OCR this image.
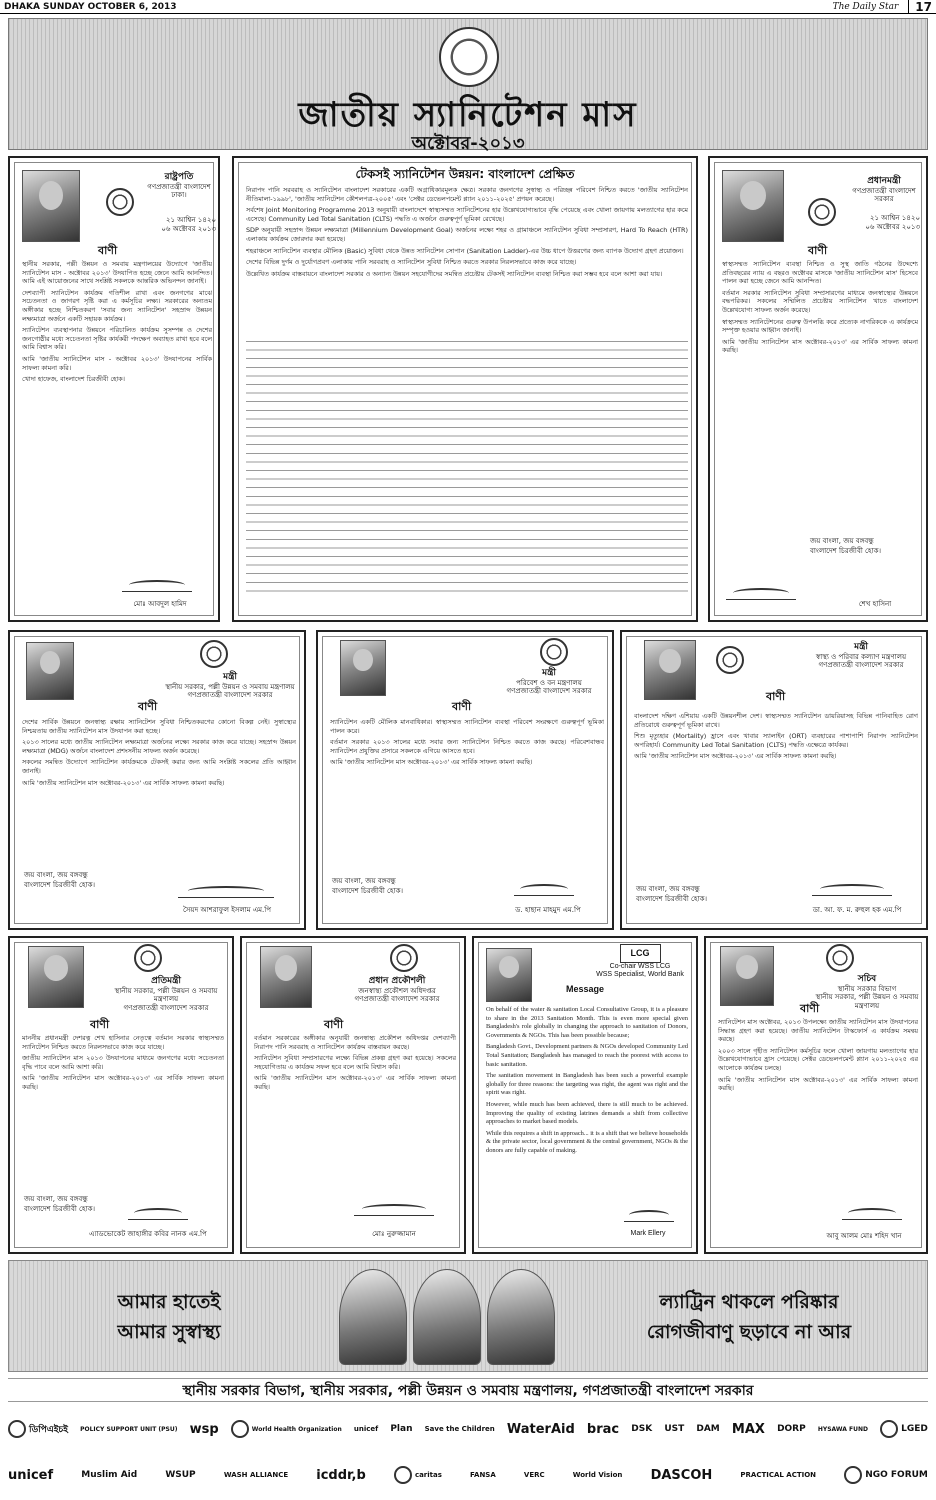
DHAKA SUNDAY OCTOBER 6, 2013	The Daily Star	17
জাতীয় স্যানিটেশন মাস
অক্টোবর-২০১৩
রাষ্ট্রপতি
গণপ্রজাতন্ত্রী বাংলাদেশ
ঢাকা।
২১ আশ্বিন ১৪২০
০৬ অক্টোবর ২০১৩
বাণী

স্থানীয় সরকার, পল্লী উন্নয়ন ও সমবায় মন্ত্রণালয়ের উদ্যোগে 'জাতীয় স্যানিটেশন মাস - অক্টোবর ২০১৩' উদযাপিত হচ্ছে জেনে আমি আনন্দিত। আমি এই আয়োজনের সাথে সংশ্লিষ্ট সকলকে আন্তরিক অভিনন্দন জানাই।

দেশব্যাপী স্যানিটেশন কার্যক্রম গতিশীল রাখা এবং জনগণের মাঝে সচেতনতা ও জাগরণ সৃষ্টি করা এ কর্মসূচির লক্ষ্য। সরকারের অন্যতম অঙ্গীকার হচ্ছে নিশ্চিতকরণ 'সবার জন্য স্যানিটেশন' সহস্রাব্দ উন্নয়ন লক্ষ্যমাত্রা অর্জনে একটি সহায়ক কার্যক্রম।

স্যানিটেশন ব্যবস্থাপনার উন্নয়নে পরিচালিত কার্যক্রম সুসম্পন্ন ও দেশের জনগোষ্ঠীর মধ্যে সচেতনতা সৃষ্টির কার্যকরী পদক্ষেপ অব্যাহত রাখা হবে বলে আমি বিশ্বাস করি।

আমি 'জাতীয় স্যানিটেশন মাস - অক্টোবর ২০১৩' উদযাপনের সার্বিক সাফল্য কামনা করি।

খোদা হাফেজ, বাংলাদেশ চিরজীবী হোক।

মোঃ আবদুল হামিদ
টেকসই স্যানিটেশন উন্নয়ন: বাংলাদেশ প্রেক্ষিত

নিরাপদ পানি সরবরাহ ও স্যানিটেশন বাংলাদেশ সরকারের একটি অগ্রাধিকারমূলক ক্ষেত্র। সরকার জনগণের সুস্বাস্থ্য ও পরিচ্ছন্ন পরিবেশ নিশ্চিত করতে 'জাতীয় স্যানিটেশন নীতিমালা-১৯৯৮', 'জাতীয় স্যানিটেশন কৌশলপত্র-২০০৫' এবং 'সেক্টর ডেভেলপমেন্ট প্ল্যান ২০১১-২০২৫' প্রণয়ন করেছে।

সর্বশেষ Joint Monitoring Programme 2013 অনুযায়ী বাংলাদেশে স্বাস্থ্যসম্মত স্যানিটেশনের হার উল্লেখযোগ্যভাবে বৃদ্ধি পেয়েছে এবং খোলা জায়গায় মলত্যাগের হার কমে এসেছে। Community Led Total Sanitation (CLTS) পদ্ধতি এ অর্জনে গুরুত্বপূর্ণ ভূমিকা রেখেছে।

SDP অনুযায়ী সহস্রাব্দ উন্নয়ন লক্ষ্যমাত্রা (Millennium Development Goal) অর্জনের লক্ষ্যে শহর ও গ্রামাঞ্চলে স্যানিটেশন সুবিধা সম্প্রসারণ, Hard To Reach (HTR) এলাকায় কার্যক্রম জোরদার করা হয়েছে।

শহরাঞ্চলে স্যানিটেশন ব্যবস্থার মৌলিক (Basic) সুবিধা থেকে উন্নত স্যানিটেশন সোপান (Sanitation Ladder)-এর উচ্চ ধাপে উত্তরণের জন্য ব্যাপক উদ্যোগ গ্রহণ প্রয়োজন।

দেশের বিভিন্ন দুর্গম ও দুর্যোগপ্রবণ এলাকায় পানি সরবরাহ ও স্যানিটেশন সুবিধা নিশ্চিত করতে সরকার নিরলসভাবে কাজ করে যাচ্ছে।

উল্লেখিত কার্যক্রম বাস্তবায়নে বাংলাদেশ সরকার ও অন্যান্য উন্নয়ন সহযোগীদের সমন্বিত প্রচেষ্টায় টেকসই স্যানিটেশন ব্যবস্থা নিশ্চিত করা সম্ভব হবে বলে আশা করা যায়।

প্রধানমন্ত্রী
গণপ্রজাতন্ত্রী বাংলাদেশ সরকার
২১ আশ্বিন ১৪২০
০৬ অক্টোবর ২০১৩
বাণী

স্বাস্থ্যসম্মত স্যানিটেশন ব্যবস্থা নিশ্চিত ও সুস্থ জাতি গঠনের উদ্দেশ্যে প্রতিবছরের ন্যায় এ বছরও অক্টোবর মাসকে 'জাতীয় স্যানিটেশন মাস' হিসেবে পালন করা হচ্ছে জেনে আমি আনন্দিত।

বর্তমান সরকার স্যানিটেশন সুবিধা সম্প্রসারণের মাধ্যমে জনস্বাস্থ্যের উন্নয়নে বদ্ধপরিকর। সকলের সম্মিলিত প্রচেষ্টায় স্যানিটেশন খাতে বাংলাদেশ উল্লেখযোগ্য সাফল্য অর্জন করেছে।

স্বাস্থ্যসম্মত স্যানিটেশনের গুরুত্ব উপলব্ধি করে প্রত্যেক নাগরিককে এ কার্যক্রমে সম্পৃক্ত হওয়ার আহ্বান জানাই।

আমি 'জাতীয় স্যানিটেশন মাস অক্টোবর-২০১৩' এর সার্বিক সাফল্য কামনা করছি।

জয় বাংলা, জয় বঙ্গবন্ধু
বাংলাদেশ চিরজীবী হোক।
শেখ হাসিনা
মন্ত্রী
স্থানীয় সরকার, পল্লী উন্নয়ন ও সমবায় মন্ত্রণালয়
গণপ্রজাতন্ত্রী বাংলাদেশ সরকার
বাণী

দেশের সার্বিক উন্নয়নে জনস্বাস্থ্য রক্ষায় স্যানিটেশন সুবিধা নিশ্চিতকরণের কোনো বিকল্প নেই। সুস্বাস্থ্যের নিশ্চয়তায় জাতীয় স্যানিটেশন মাস উদযাপন করা হচ্ছে।

২০১৩ সালের মধ্যে জাতীয় স্যানিটেশন লক্ষ্যমাত্রা অর্জনের লক্ষ্যে সরকার কাজ করে যাচ্ছে। সহস্রাব্দ উন্নয়ন লক্ষ্যমাত্রা (MDG) অর্জনে বাংলাদেশ প্রশংসনীয় সাফল্য অর্জন করেছে।

সকলের সমন্বিত উদ্যোগে স্যানিটেশন কার্যক্রমকে টেকসই করার জন্য আমি সংশ্লিষ্ট সকলের প্রতি আহ্বান জানাই।

আমি 'জাতীয় স্যানিটেশন মাস অক্টোবর-২০১৩' এর সার্বিক সাফল্য কামনা করছি।

জয় বাংলা, জয় বঙ্গবন্ধু
বাংলাদেশ চিরজীবী হোক।
সৈয়দ আশরাফুল ইসলাম এম.পি
মন্ত্রী
পরিবেশ ও বন মন্ত্রণালয়
গণপ্রজাতন্ত্রী বাংলাদেশ সরকার
বাণী

স্যানিটেশন একটি মৌলিক মানবাধিকার। স্বাস্থ্যসম্মত স্যানিটেশন ব্যবস্থা পরিবেশ সংরক্ষণে গুরুত্বপূর্ণ ভূমিকা পালন করে।

বর্তমান সরকার ২০১৩ সালের মধ্যে সবার জন্য স্যানিটেশন নিশ্চিত করতে কাজ করছে। পরিবেশবান্ধব স্যানিটেশন প্রযুক্তির প্রসারে সকলকে এগিয়ে আসতে হবে।

আমি 'জাতীয় স্যানিটেশন মাস অক্টোবর-২০১৩' এর সার্বিক সাফল্য কামনা করছি।

জয় বাংলা, জয় বঙ্গবন্ধু
বাংলাদেশ চিরজীবী হোক।
ড. হাছান মাহমুদ এম.পি
মন্ত্রী
স্বাস্থ্য ও পরিবার কল্যাণ মন্ত্রণালয়
গণপ্রজাতন্ত্রী বাংলাদেশ সরকার
বাণী

বাংলাদেশ দক্ষিণ এশিয়ায় একটি উন্নয়নশীল দেশ। স্বাস্থ্যসম্মত স্যানিটেশন ডায়রিয়াসহ বিভিন্ন পানিবাহিত রোগ প্রতিরোধে গুরুত্বপূর্ণ ভূমিকা রাখে।

শিশু মৃত্যুহার (Mortality) হ্রাসে এবং খাবার স্যালাইন (ORT) ব্যবহারের পাশাপাশি নিরাপদ স্যানিটেশন অপরিহার্য। Community Led Total Sanitation (CLTS) পদ্ধতি এক্ষেত্রে কার্যকর।

আমি 'জাতীয় স্যানিটেশন মাস অক্টোবর-২০১৩' এর সার্বিক সাফল্য কামনা করছি।

জয় বাংলা, জয় বঙ্গবন্ধু
বাংলাদেশ চিরজীবী হোক।
ডা. আ. ফ. ম. রুহুল হক এম.পি
প্রতিমন্ত্রী
স্থানীয় সরকার, পল্লী উন্নয়ন ও সমবায় মন্ত্রণালয়
গণপ্রজাতন্ত্রী বাংলাদেশ সরকার
বাণী

মাননীয় প্রধানমন্ত্রী দেশরত্ন শেখ হাসিনার নেতৃত্বে বর্তমান সরকার স্বাস্থ্যসম্মত স্যানিটেশন নিশ্চিত করতে নিরলসভাবে কাজ করে যাচ্ছে।

জাতীয় স্যানিটেশন মাস ২০১৩ উদযাপনের মাধ্যমে জনগণের মধ্যে সচেতনতা বৃদ্ধি পাবে বলে আমি আশা করি।

আমি 'জাতীয় স্যানিটেশন মাস অক্টোবর-২০১৩' এর সার্বিক সাফল্য কামনা করছি।

জয় বাংলা, জয় বঙ্গবন্ধু
বাংলাদেশ চিরজীবী হোক।
এ্যাডভোকেট জাহাঙ্গীর কবির নানক এম.পি
প্রধান প্রকৌশলী
জনস্বাস্থ্য প্রকৌশল অধিদপ্তর
গণপ্রজাতন্ত্রী বাংলাদেশ সরকার
বাণী

বর্তমান সরকারের অঙ্গীকার অনুযায়ী জনস্বাস্থ্য প্রকৌশল অধিদপ্তর দেশব্যাপী নিরাপদ পানি সরবরাহ ও স্যানিটেশন কার্যক্রম বাস্তবায়ন করছে।

স্যানিটেশন সুবিধা সম্প্রসারণের লক্ষ্যে বিভিন্ন প্রকল্প গ্রহণ করা হয়েছে। সকলের সহযোগিতায় এ কার্যক্রম সফল হবে বলে আমি বিশ্বাস করি।

আমি 'জাতীয় স্যানিটেশন মাস অক্টোবর-২০১৩' এর সার্বিক সাফল্য কামনা করছি।

মোঃ নুরুজ্জামান
LCG
Co-chair WSS LCG
WSS Specialist, World Bank
Message

On behalf of the water & sanitation Local Consultative Group, it is a pleasure to share in the 2013 Sanitation Month. This is even more special given Bangladesh's role globally in changing the approach to sanitation of Donors, Governments & NGOs. This has been possible because;

Bangladesh Govt., Development partners & NGOs developed Community Led Total Sanitation; Bangladesh has managed to reach the poorest with access to basic sanitation.

The sanitation movement in Bangladesh has been such a powerful example globally for three reasons: the targeting was right, the agent was right and the spirit was right.

However, while much has been achieved, there is still much to be achieved. Improving the quality of existing latrines demands a shift from collective approaches to market based models.

While this requires a shift in approach... it is a shift that we believe households & the private sector, local government & the central government, NGOs & the donors are fully capable of making.

Mark Ellery
সচিব
স্থানীয় সরকার বিভাগ
স্থানীয় সরকার, পল্লী উন্নয়ন ও সমবায় মন্ত্রণালয়
বাণী

স্যানিটেশন মাস অক্টোবর, ২০১৩ উপলক্ষ্যে জাতীয় স্যানিটেশন মাস উদযাপনের সিদ্ধান্ত গ্রহণ করা হয়েছে। জাতীয় স্যানিটেশন টাস্কফোর্স এ কার্যক্রম সমন্বয় করছে।

২০০৩ সালে গৃহীত স্যানিটেশন কর্মসূচির ফলে খোলা জায়গায় মলত্যাগের হার উল্লেখযোগ্যভাবে হ্রাস পেয়েছে। সেক্টর ডেভেলপমেন্ট প্ল্যান ২০১১-২০২৫ এর আলোকে কার্যক্রম চলছে।

আমি 'জাতীয় স্যানিটেশন মাস অক্টোবর-২০১৩' এর সার্বিক সাফল্য কামনা করছি।

আবু আলম মোঃ শহিদ খান
আমার হাতেই
আমার সুস্বাস্থ্য
ল্যাট্রিন থাকলে পরিষ্কার
রোগজীবাণু ছড়াবে না আর
স্থানীয় সরকার বিভাগ, স্থানীয় সরকার, পল্লী উন্নয়ন ও সমবায় মন্ত্রণালয়, গণপ্রজাতন্ত্রী বাংলাদেশ সরকার
ডিপিএইচই POLICY SUPPORT UNIT (PSU) wsp	World Health Organization unicef Plan Save the Children WaterAid brac DSK UST DAM MAX DORP HYSAWA FUND	LGED
unicef	Muslim Aid	WSUP	WASH ALLIANCE icddr,b	caritas	FANSA	VERC	World Vision DASCOH	PRACTICAL ACTION	NGO FORUM
